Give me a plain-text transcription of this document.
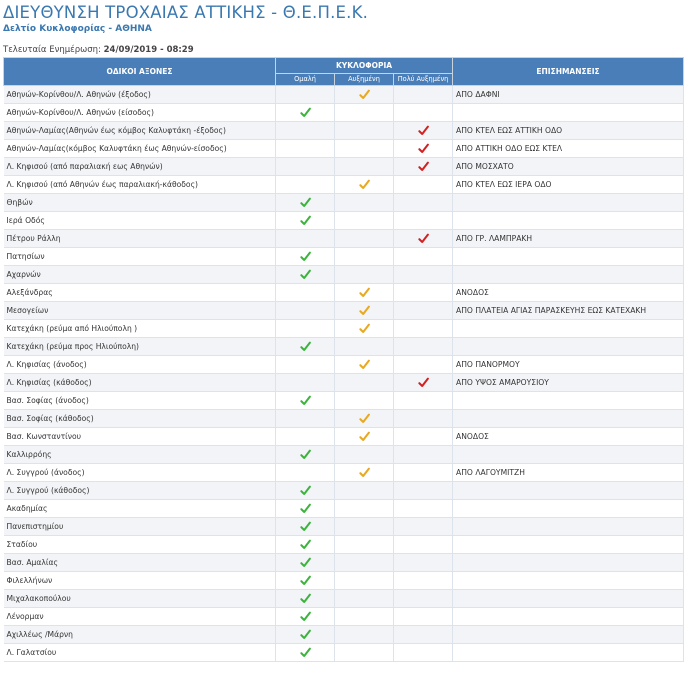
ΔΙΕΥΘΥΝΣΗ ΤΡΟΧΑΙΑΣ ΑΤΤΙΚΗΣ - Θ.Ε.Π.Ε.Κ.
Δελτίο Κυκλοφορίας - ΑΘΗΝΑ
Τελευταία Ενημέρωση: 24/09/2019 - 08:29
ΟΔΙΚΟΙ ΑΞΟΝΕΣ	ΚΥΚΛΟΦΟΡΙΑ			ΕΠΙΣΗΜΑΝΣΕΙΣ
	Ομαλή	Αυξημένη	Πολύ Αυξημένη	
Αθηνών-Κορίνθου/Λ. Αθηνών (έξοδος)				ΑΠΟ ΔΑΦΝΙ
Αθηνών-Κορίνθου/Λ. Αθηνών (είσοδος)				
Αθηνών-Λαμίας(Αθηνών έως κόμβος Καλυφτάκη -έξοδος)				ΑΠΟ ΚΤΕΛ ΕΩΣ ΑΤΤΙΚΗ ΟΔΟ
Αθηνών-Λαμίας(κόμβος Καλυφτάκη έως Αθηνών-είσοδος)				ΑΠΟ ΑΤΤΙΚΗ ΟΔΟ ΕΩΣ ΚΤΕΛ
Λ. Κηφισού (από παραλιακή εως Αθηνών)				ΑΠΟ ΜΟΣΧΑΤΟ
Λ. Κηφισού (από Αθηνών έως παραλιακή-κάθοδος)				ΑΠΟ ΚΤΕΛ ΕΩΣ ΙΕΡΑ ΟΔΟ
Θηβών				
Ιερά Οδός				
Πέτρου Ράλλη				ΑΠΟ ΓΡ. ΛΑΜΠΡΑΚΗ
Πατησίων				
Αχαρνών				
Αλεξάνδρας				ΑΝΟΔΟΣ
Μεσογείων				ΑΠΟ ΠΛΑΤΕΙΑ ΑΓΙΑΣ ΠΑΡΑΣΚΕΥΗΣ ΕΩΣ ΚΑΤΕΧΑΚΗ
Κατεχάκη (ρεύμα από Ηλιούπολη )				
Κατεχάκη (ρεύμα προς Ηλιούπολη)				
Λ. Κηφισίας (άνοδος)				ΑΠΟ ΠΑΝΟΡΜΟΥ
Λ. Κηφισίας (κάθοδος)				ΑΠΟ ΥΨΟΣ ΑΜΑΡΟΥΣΙΟΥ
Βασ. Σοφίας (άνοδος)				
Βασ. Σοφίας (κάθοδος)				
Βασ. Κωνσταντίνου				ΑΝΟΔΟΣ
Καλλιρρόης				
Λ. Συγγρού (άνοδος)				ΑΠΟ ΛΑΓΟΥΜΙΤΖΗ
Λ. Συγγρού (κάθοδος)				
Ακαδημίας				
Πανεπιστημίου				
Σταδίου				
Βασ. Αμαλίας				
Φιλελλήνων				
Μιχαλακοπούλου				
Λένορμαν				
Αχιλλέως /Μάρνη				
Λ. Γαλατσίου				
